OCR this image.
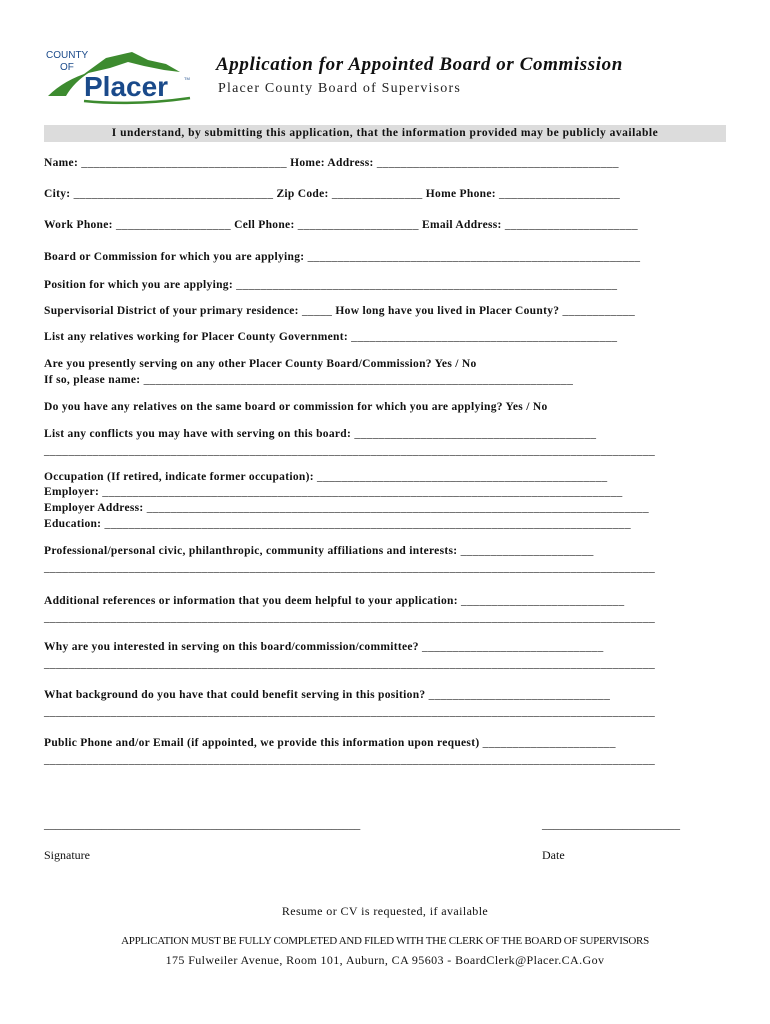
COUNTY
OF
Placer	TM
Application for Appointed Board or Commission
Placer County Board of Supervisors
I understand, by submitting this application, that the information provided may be publicly available
Name: __________________________________ Home: Address: ________________________________________
City: _________________________________ Zip Code: _______________ Home Phone: ____________________
Work Phone: ___________________ Cell Phone: ____________________ Email Address: ______________________
Board or Commission for which you are applying: _______________________________________________________
Position for which you are applying: _______________________________________________________________
Supervisorial District of your primary residence: _____ How long have you lived in Placer County? ____________
List any relatives working for Placer County Government: ____________________________________________
Are you presently serving on any other Placer County Board/Commission? Yes / No
If so, please name: _______________________________________________________________________
Do you have any relatives on the same board or commission for which you are applying? Yes / No
List any conflicts you may have with serving on this board: ________________________________________
_____________________________________________________________________________________________________
Occupation (If retired, indicate former occupation): ________________________________________________
Employer: ______________________________________________________________________________________
Employer Address: ___________________________________________________________________________________
Education: _______________________________________________________________________________________
Professional/personal civic, philanthropic, community affiliations and interests: ______________________
_____________________________________________________________________________________________________
Additional references or information that you deem helpful to your application: ___________________________
_____________________________________________________________________________________________________
Why are you interested in serving on this board/commission/committee? ______________________________
_____________________________________________________________________________________________________
What background do you have that could benefit serving in this position? ______________________________
_____________________________________________________________________________________________________
Public Phone and/or Email (if appointed, we provide this information upon request) ______________________
_____________________________________________________________________________________________________
_______________________________________________________	________________________
Signature	Date
Resume or CV is requested, if available
APPLICATION MUST BE FULLY COMPLETED AND FILED WITH THE CLERK OF THE BOARD OF SUPERVISORS
175 Fulweiler Avenue, Room 101, Auburn, CA 95603 - BoardClerk@Placer.CA.Gov
